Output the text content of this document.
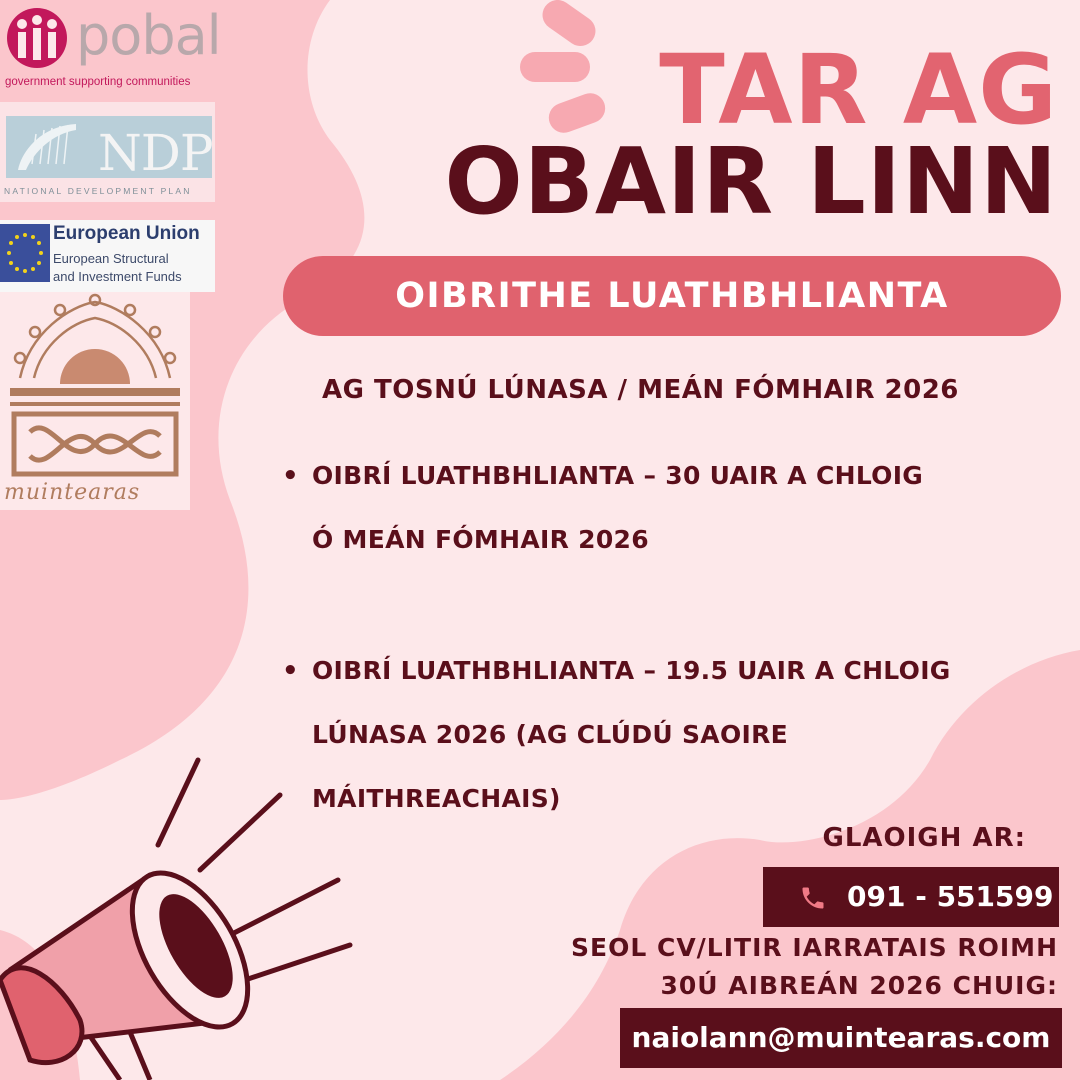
pobal
government supporting communities
NDP
NATIONAL DEVELOPMENT PLAN
European Union
European Structural
and Investment Funds
muintearas
TAR AG
OBAIR LINN
OIBRITHE LUATHBHLIANTA
AG TOSNÚ LÚNASA / MEÁN FÓMHAIR 2026
• OIBRÍ LUATHBHLIANTA – 30 UAIR A CHLOIG
Ó MEÁN FÓMHAIR 2026
• OIBRÍ LUATHBHLIANTA – 19.5 UAIR A CHLOIG
LÚNASA 2026 (AG CLÚDÚ SAOIRE
MÁITHREACHAIS)
GLAOIGH AR:
091 - 551599
SEOL CV/LITIR IARRATAIS ROIMH
30Ú AIBREÁN 2026 CHUIG:
naiolann@muintearas.com
